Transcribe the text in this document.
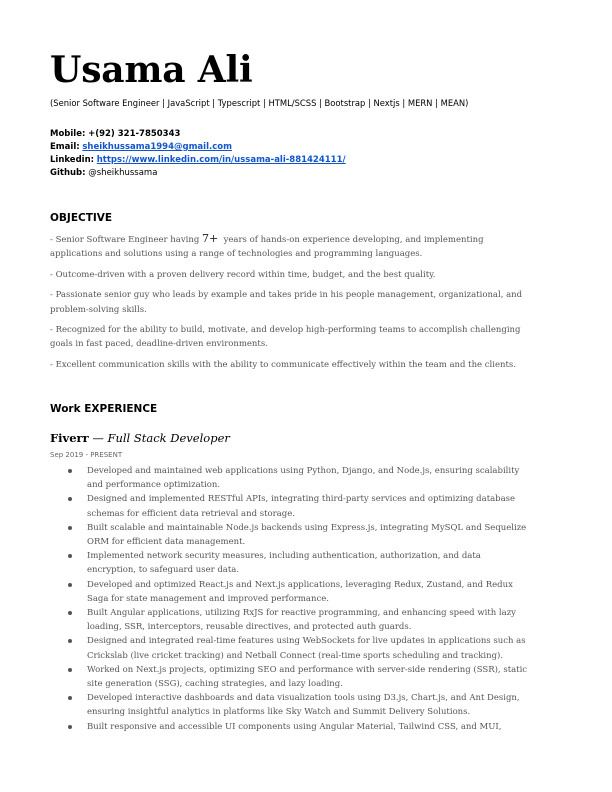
Usama Ali
(Senior Software Engineer | JavaScript | Typescript | HTML/SCSS | Bootstrap | Nextjs | MERN | MEAN)
Mobile: +(92) 321-7850343
Email: sheikhussama1994@gmail.com
Linkedin: https://www.linkedin.com/in/ussama-ali-881424111/
Github: @sheikhussama
OBJECTIVE

- Senior Software Engineer having 7+ years of hands-on experience developing, and implementing applications and solutions using a range of technologies and programming languages.

- Outcome-driven with a proven delivery record within time, budget, and the best quality.

- Passionate senior guy who leads by example and takes pride in his people management, organizational, and problem-solving skills.

- Recognized for the ability to build, motivate, and develop high-performing teams to accomplish challenging goals in fast paced, deadline-driven environments.

- Excellent communication skills with the ability to communicate effectively within the team and the clients.

Work EXPERIENCE
Fiverr — Full Stack Developer
Sep 2019 - PRESENT
Developed and maintained web applications using Python, Django, and Node.js, ensuring scalability and performance optimization.
Designed and implemented RESTful APIs, integrating third-party services and optimizing database schemas for efficient data retrieval and storage.
Built scalable and maintainable Node.js backends using Express.js, integrating MySQL and Sequelize ORM for efficient data management.
Implemented network security measures, including authentication, authorization, and data encryption, to safeguard user data.
Developed and optimized React.js and Next.js applications, leveraging Redux, Zustand, and Redux Saga for state management and improved performance.
Built Angular applications, utilizing RxJS for reactive programming, and enhancing speed with lazy loading, SSR, interceptors, reusable directives, and protected auth guards.
Designed and integrated real-time features using WebSockets for live updates in applications such as Crickslab (live cricket tracking) and Netball Connect (real-time sports scheduling and tracking).
Worked on Next.js projects, optimizing SEO and performance with server-side rendering (SSR), static site generation (SSG), caching strategies, and lazy loading.
Developed interactive dashboards and data visualization tools using D3.js, Chart.js, and Ant Design, ensuring insightful analytics in platforms like Sky Watch and Summit Delivery Solutions.
Built responsive and accessible UI components using Angular Material, Tailwind CSS, and MUI,
